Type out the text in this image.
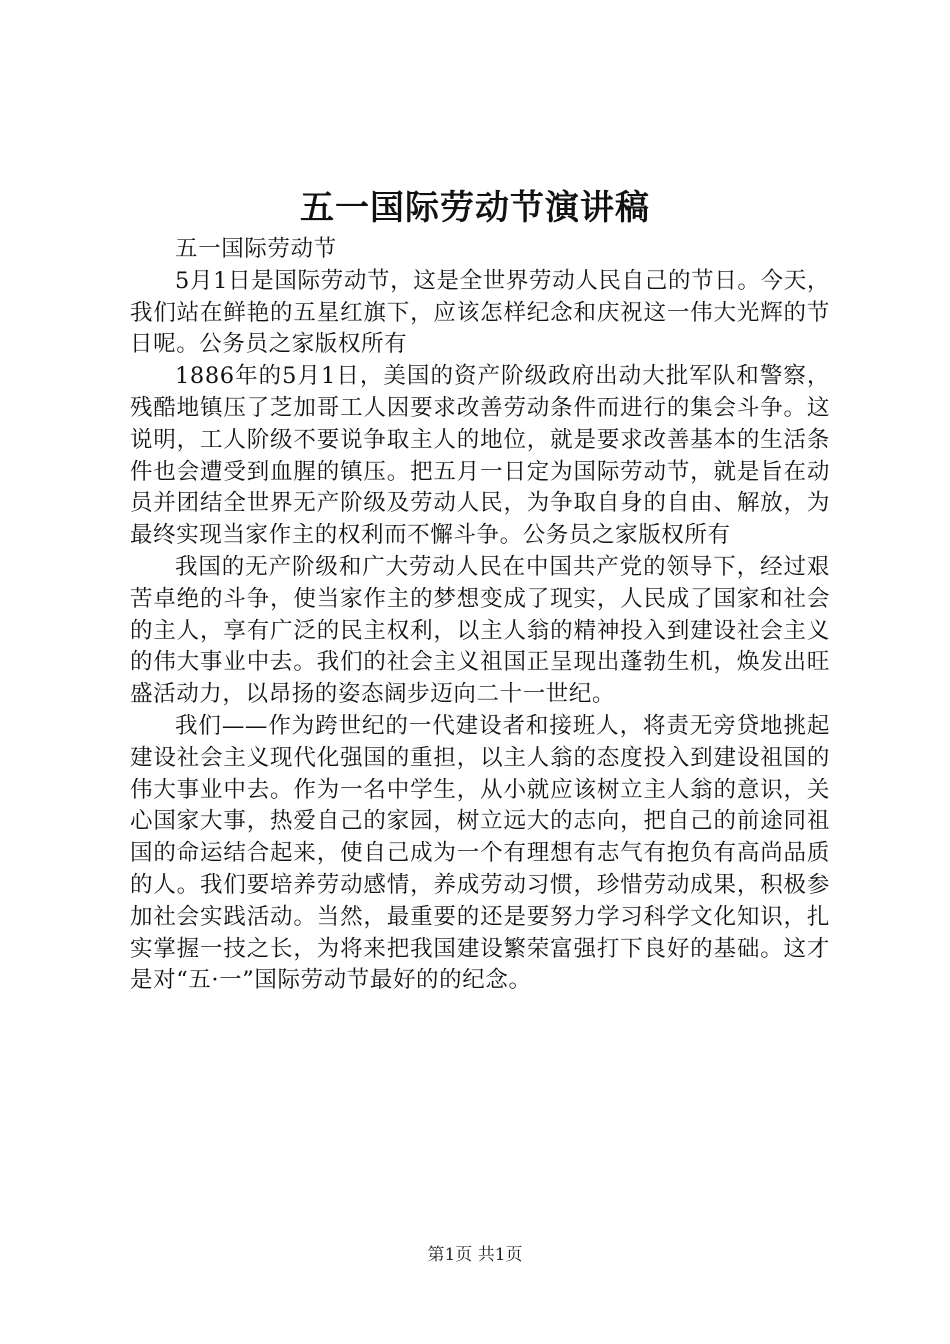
五一国际劳动节演讲稿

五一国际劳动节

5月1日是国际劳动节，这是全世界劳动人民自己的节日。今天，我们站在鲜艳的五星红旗下，应该怎样纪念和庆祝这一伟大光辉的节日呢。公务员之家版权所有

1886年的5月1日，美国的资产阶级政府出动大批军队和警察，残酷地镇压了芝加哥工人因要求改善劳动条件而进行的集会斗争。这说明，工人阶级不要说争取主人的地位，就是要求改善基本的生活条件也会遭受到血腥的镇压。把五月一日定为国际劳动节，就是旨在动员并团结全世界无产阶级及劳动人民，为争取自身的自由、解放，为最终实现当家作主的权利而不懈斗争。公务员之家版权所有

我国的无产阶级和广大劳动人民在中国共产党的领导下，经过艰苦卓绝的斗争，使当家作主的梦想变成了现实，人民成了国家和社会的主人，享有广泛的民主权利，以主人翁的精神投入到建设社会主义的伟大事业中去。我们的社会主义祖国正呈现出蓬勃生机，焕发出旺盛活动力，以昂扬的姿态阔步迈向二十一世纪。

我们——作为跨世纪的一代建设者和接班人，将责无旁贷地挑起建设社会主义现代化强国的重担，以主人翁的态度投入到建设祖国的伟大事业中去。作为一名中学生，从小就应该树立主人翁的意识，关心国家大事，热爱自己的家园，树立远大的志向，把自己的前途同祖国的命运结合起来，使自己成为一个有理想有志气有抱负有高尚品质的人。我们要培养劳动感情，养成劳动习惯，珍惜劳动成果，积极参加社会实践活动。当然，最重要的还是要努力学习科学文化知识，扎实掌握一技之长，为将来把我国建设繁荣富强打下良好的基础。这才是对“五·一”国际劳动节最好的的纪念。

第1页 共1页
